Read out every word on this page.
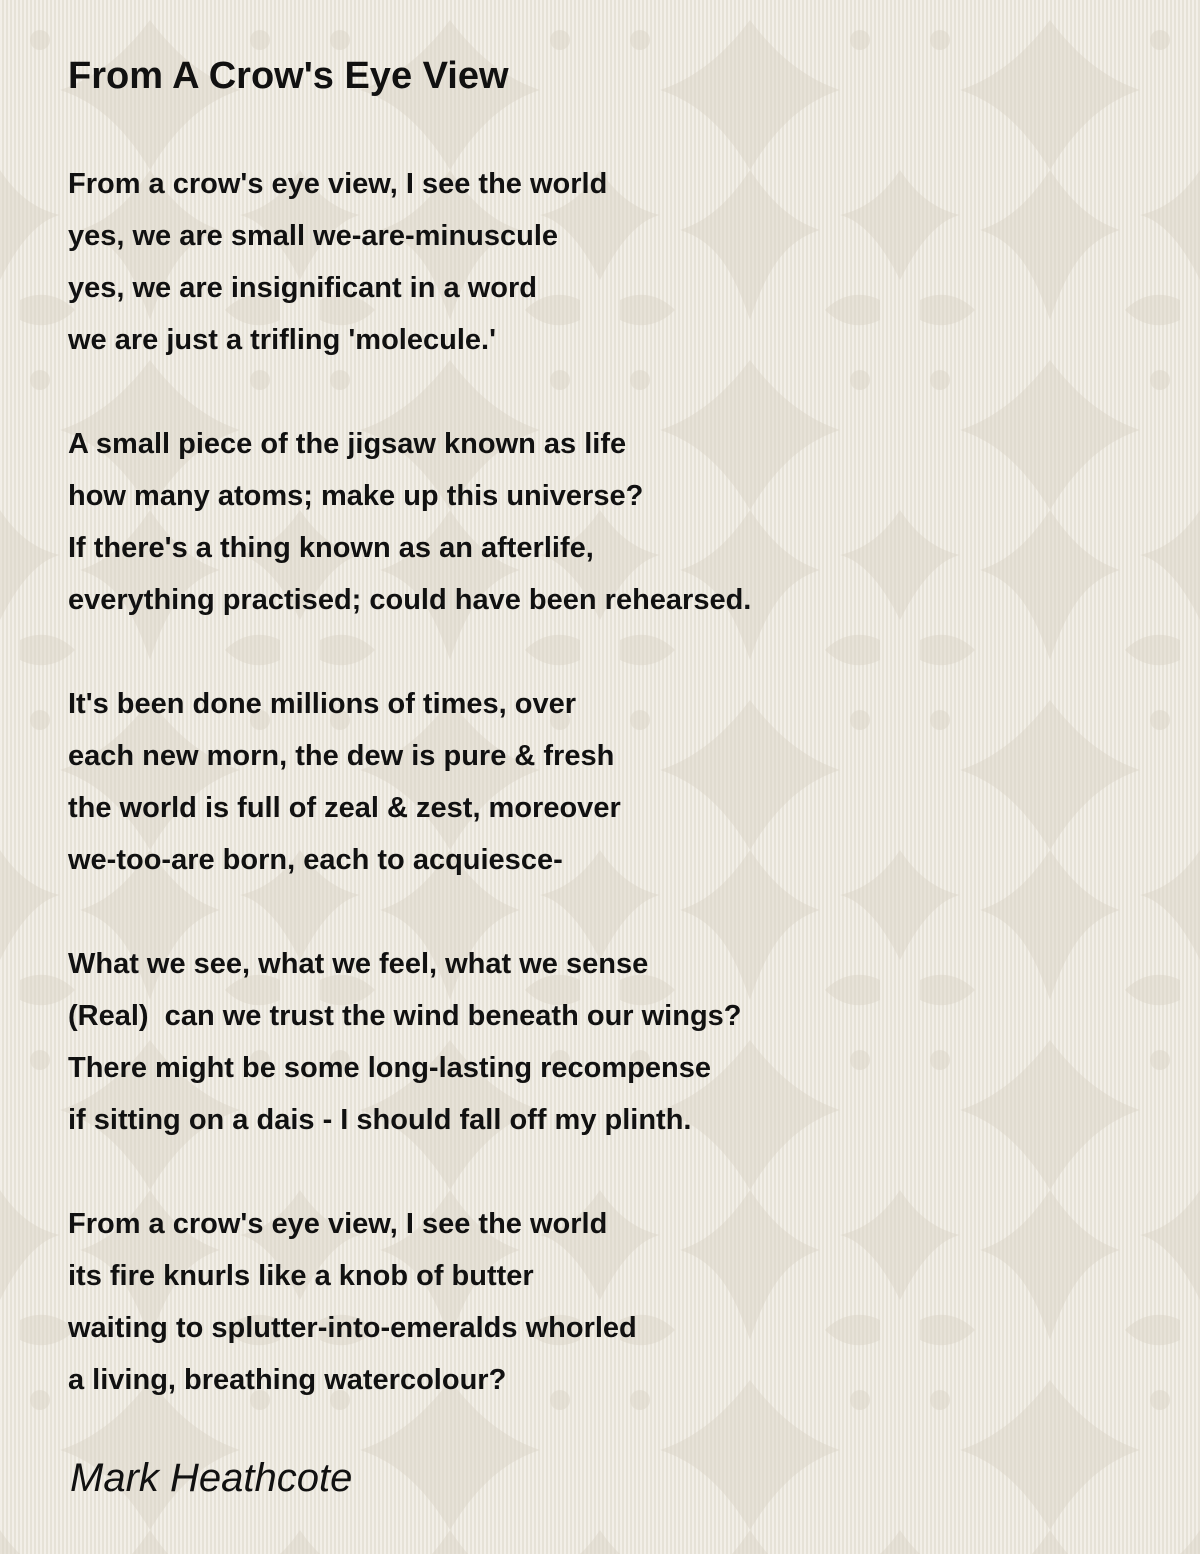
From A Crow's Eye View
From a crow's eye view, I see the world
yes, we are small we-are-minuscule
yes, we are insignificant in a word
we are just a trifling 'molecule.'
A small piece of the jigsaw known as life
how many atoms; make up this universe?
If there's a thing known as an afterlife,
everything practised; could have been rehearsed.
It's been done millions of times, over
each new morn, the dew is pure & fresh
the world is full of zeal & zest, moreover
we-too-are born, each to acquiesce-
What we see, what we feel, what we sense
(Real)  can we trust the wind beneath our wings?
There might be some long-lasting recompense
if sitting on a dais - I should fall off my plinth.
From a crow's eye view, I see the world
its fire knurls like a knob of butter
waiting to splutter-into-emeralds whorled
a living, breathing watercolour?
Mark Heathcote
